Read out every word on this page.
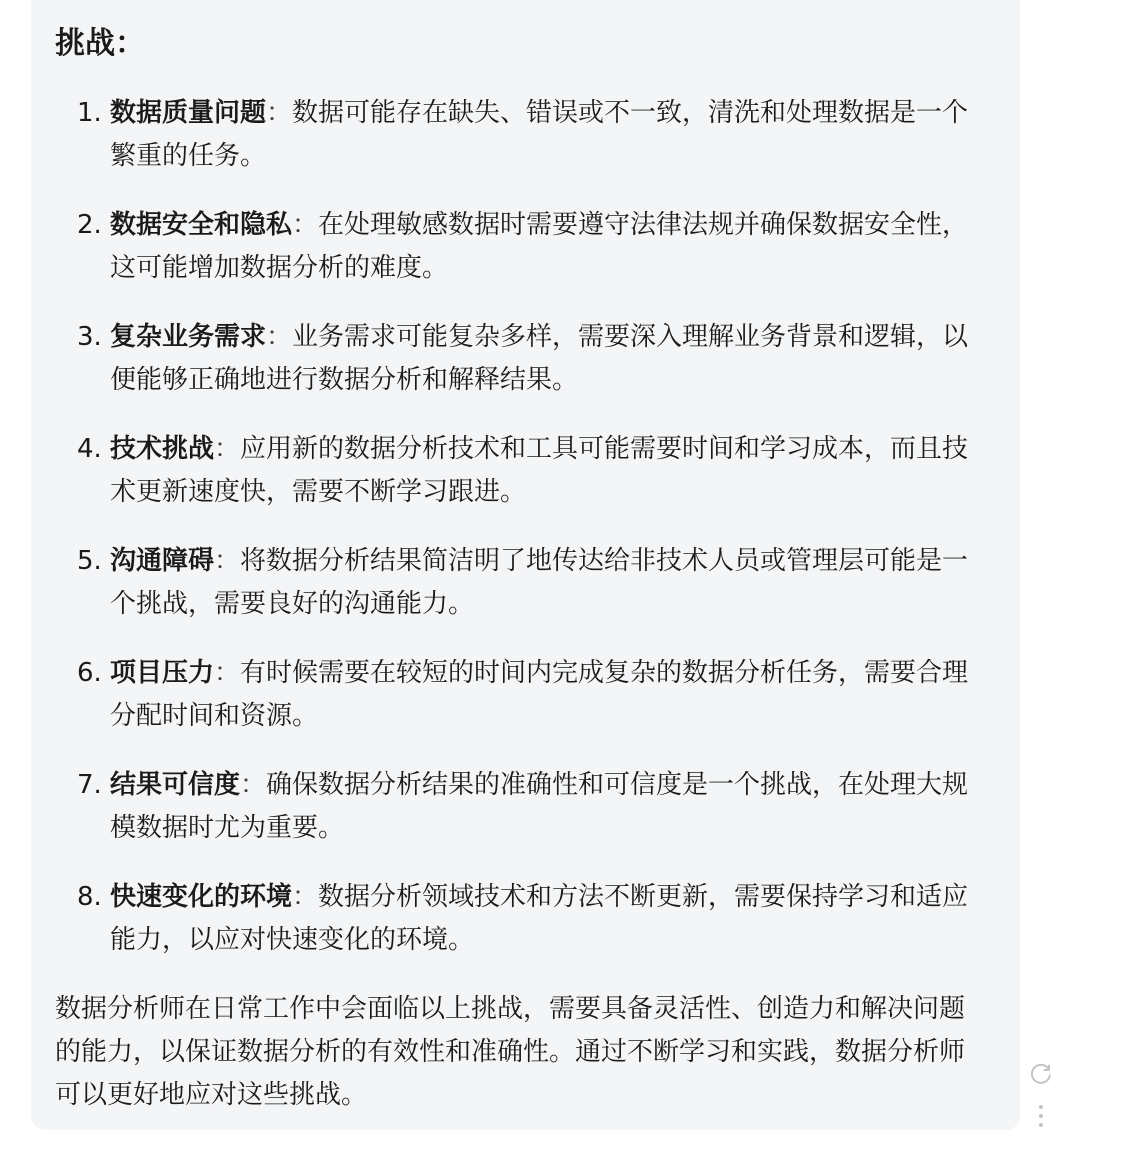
挑战：
1. 数据质量问题：数据可能存在缺失、错误或不一致，清洗和处理数据是一个繁重的任务。
2. 数据安全和隐私：在处理敏感数据时需要遵守法律法规并确保数据安全性，这可能增加数据分析的难度。
3. 复杂业务需求：业务需求可能复杂多样，需要深入理解业务背景和逻辑，以便能够正确地进行数据分析和解释结果。
4. 技术挑战：应用新的数据分析技术和工具可能需要时间和学习成本，而且技术更新速度快，需要不断学习跟进。
5. 沟通障碍：将数据分析结果简洁明了地传达给非技术人员或管理层可能是一个挑战，需要良好的沟通能力。
6. 项目压力：有时候需要在较短的时间内完成复杂的数据分析任务，需要合理分配时间和资源。
7. 结果可信度：确保数据分析结果的准确性和可信度是一个挑战，在处理大规模数据时尤为重要。
8. 快速变化的环境：数据分析领域技术和方法不断更新，需要保持学习和适应能力，以应对快速变化的环境。

数据分析师在日常工作中会面临以上挑战，需要具备灵活性、创造力和解决问题的能力，以保证数据分析的有效性和准确性。通过不断学习和实践，数据分析师可以更好地应对这些挑战。
